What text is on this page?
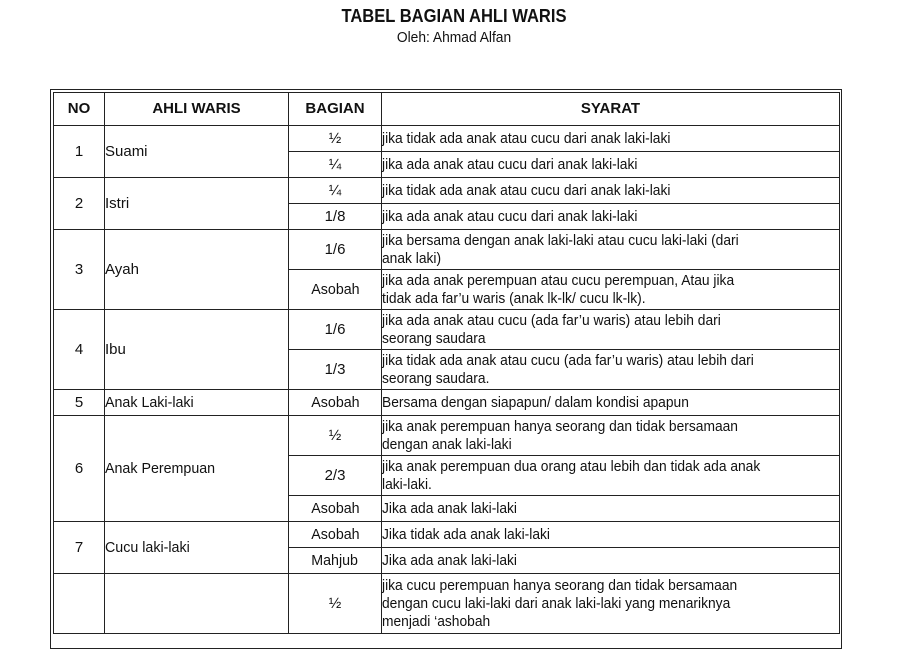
TABEL BAGIAN AHLI WARIS
Oleh: Ahmad Alfan
NO	AHLI WARIS	BAGIAN	SYARAT
1	Suami	½	jika tidak ada anak atau cucu dari anak laki-laki
		¼	jika ada anak atau cucu dari anak laki-laki
2	Istri	¼	jika tidak ada anak atau cucu dari anak laki-laki
		1/8	jika ada anak atau cucu dari anak laki-laki
3	Ayah	1/6	jika bersama dengan anak laki-laki atau cucu laki-laki (dari
anak laki)
		Asobah	jika ada anak perempuan atau cucu perempuan, Atau jika
tidak ada far’u waris (anak lk-lk/ cucu lk-lk).
4	Ibu	1/6	jika ada anak atau cucu (ada far’u waris) atau lebih dari
seorang saudara
		1/3	jika tidak ada anak atau cucu (ada far’u waris) atau lebih dari
seorang saudara.
5	Anak Laki-laki	Asobah	Bersama dengan siapapun/ dalam kondisi apapun
6	Anak Perempuan	½	jika anak perempuan hanya seorang dan tidak bersamaan
dengan anak laki-laki
		2/3	jika anak perempuan dua orang atau lebih dan tidak ada anak
laki-laki.
		Asobah	Jika ada anak laki-laki
7	Cucu laki-laki	Asobah	Jika tidak ada anak laki-laki
		Mahjub	Jika ada anak laki-laki
		½	jika cucu perempuan hanya seorang dan tidak bersamaan
dengan cucu laki-laki dari anak laki-laki yang menariknya
menjadi ‘ashobah
